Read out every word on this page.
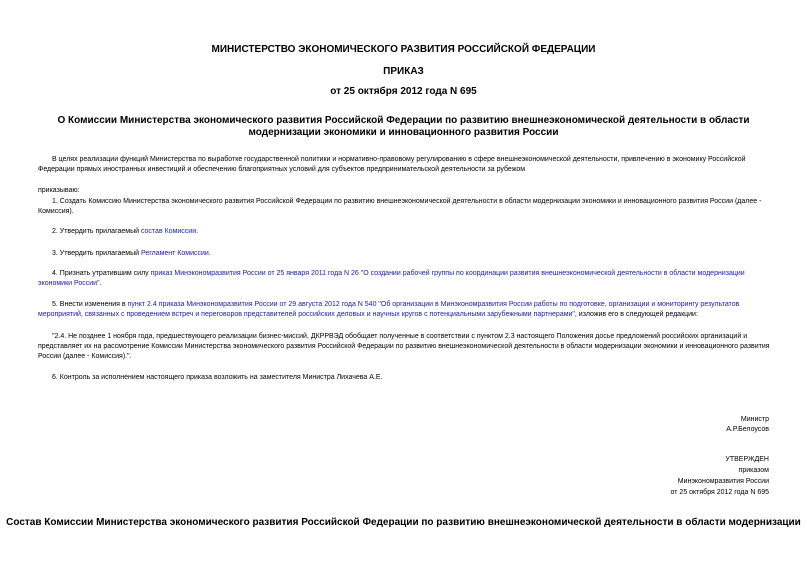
МИНИСТЕРСТВО ЭКОНОМИЧЕСКОГО РАЗВИТИЯ РОССИЙСКОЙ ФЕДЕРАЦИИ

ПРИКАЗ

от 25 октября 2012 года N 695

О Комиссии Министерства экономического развития Российской Федерации по развитию внешнеэкономической деятельности в области модернизации экономики и инновационного развития России

В целях реализации функций Министерства по выработке государственной политики и нормативно-правовому регулированию в сфере внешнеэкономической деятельности, привлечению в экономику Российской Федерации прямых иностранных инвестиций и обеспечению благоприятных условий для субъектов предпринимательской деятельности за рубежом

приказываю:

1. Создать Комиссию Министерства экономического развития Российской Федерации по развитию внешнеэкономической деятельности в области модернизации экономики и инновационного развития России (далее - Комиссия).

2. Утвердить прилагаемый состав Комиссии.

3. Утвердить прилагаемый Регламент Комиссии.

4. Признать утратившим силу приказ Минэкономразвития России от 25 января 2011 года N 26 "О создании рабочей группы по координации развития внешнеэкономической деятельности в области модернизации экономики России".

5. Внести изменения в пункт 2.4 приказа Минэкономразвития России от 29 августа 2012 года N 540 "Об организации в Минэкономразвития России работы по подготовке, организации и мониторингу результатов мероприятий, связанных с проведением встреч и переговоров представителей российских деловых и научных кругов с потенциальными зарубежными партнерами", изложив его в следующей редакции:

"2.4. Не позднее 1 ноября года, предшествующего реализации бизнес-миссий, ДКРРВЭД обобщает полученные в соответствии с пунктом 2.3 настоящего Положения досье предложений российских организаций и представляет их на рассмотрение Комиссии Министерства экономического развития Российской Федерации по развитию внешнеэкономической деятельности в области модернизации экономики и инновационного развития России (далее - Комиссия).".

6. Контроль за исполнением настоящего приказа возложить на заместителя Министра Лихачева А.Е.

Министр

А.Р.Белоусов

УТВЕРЖДЕН

приказом

Минэкономразвития России

от 25 октября 2012 года N 695

Состав Комиссии Министерства экономического развития Российской Федерации по развитию внешнеэкономической деятельности в области модернизации
